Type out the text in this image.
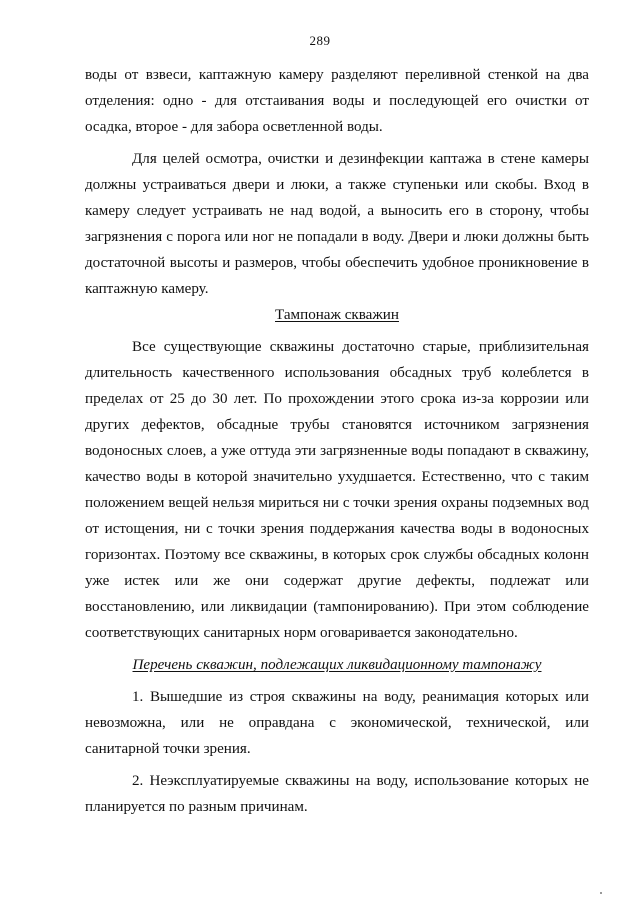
289

воды от взвеси, каптажную камеру разделяют переливной стенкой на два отделения: одно - для отстаивания воды и последующей его очистки от осадка, второе - для забора осветленной воды.

Для целей осмотра, очистки и дезинфекции каптажа в стене камеры должны устраиваться двери и люки, а также ступеньки или скобы. Вход в камеру следует устраивать не над водой, а выносить его в сторону, чтобы загрязнения с порога или ног не попадали в воду. Двери и люки должны быть достаточной высоты и размеров, чтобы обеспечить удобное проникновение в каптажную камеру.

Тампонаж скважин

Все существующие скважины достаточно старые, приблизительная длительность качественного использования обсадных труб колеблется в пределах от 25 до 30 лет. По прохождении этого срока из-за коррозии или других дефектов, обсадные трубы становятся источником загрязнения водоносных слоев, а уже оттуда эти загрязненные воды попадают в скважину, качество воды в которой значительно ухудшается. Естественно, что с таким положением вещей нельзя мириться ни с точки зрения охраны подземных вод от истощения, ни с точки зрения поддержания качества воды в водоносных горизонтах. Поэтому все скважины, в которых срок службы обсадных колонн уже истек или же они содержат другие дефекты, подлежат или восстановлению, или ликвидации (тампонированию). При этом соблюдение соответствующих санитарных норм оговаривается законодательно.

Перечень скважин, подлежащих ликвидационному тампонажу

1. Вышедшие из строя скважины на воду, реанимация которых или невозможна, или не оправдана с экономической, технической, или санитарной точки зрения.

2. Неэксплуатируемые скважины на воду, использование которых не планируется по разным причинам.
